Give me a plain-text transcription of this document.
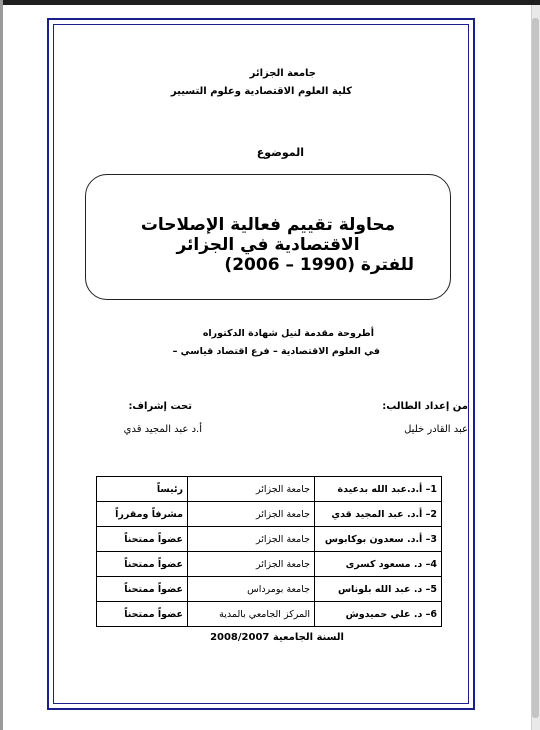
جامعة الجزائر
كلية العلوم الاقتصادية وعلوم التسيير
الموضوع
محاولة تقييم فعالية الإصلاحات الاقتصادية في الجزائر
للفترة (1990 – 2006)
أطروحة مقدمة لنيل شهادة الدكتوراه
في العلوم الاقتصادية – فرع اقتصاد قياسي –
من إعداد الطالب:
عبد القادر خليل
تحت إشراف:
أ.د عبد المجيد قدي
1– أ.د.عبد الله بدعيدة	جامعة الجزائر	رئيساً
2– أ.د. عبد المجيد قدي	جامعة الجزائر	مشرفاً ومقرراً
3– أ.د. سعدون بوكابوس	جامعة الجزائر	عضواً ممتحناً
4– د. مسعود كسرى	جامعة الجزائر	عضواً ممتحناً
5– د. عبد الله بلوناس	جامعة بومرداس	عضواً ممتحناً
6– د. علي حميدوش	المركز الجامعي بالمدية	عضواً ممتحناً
السنة الجامعية 2008/2007
